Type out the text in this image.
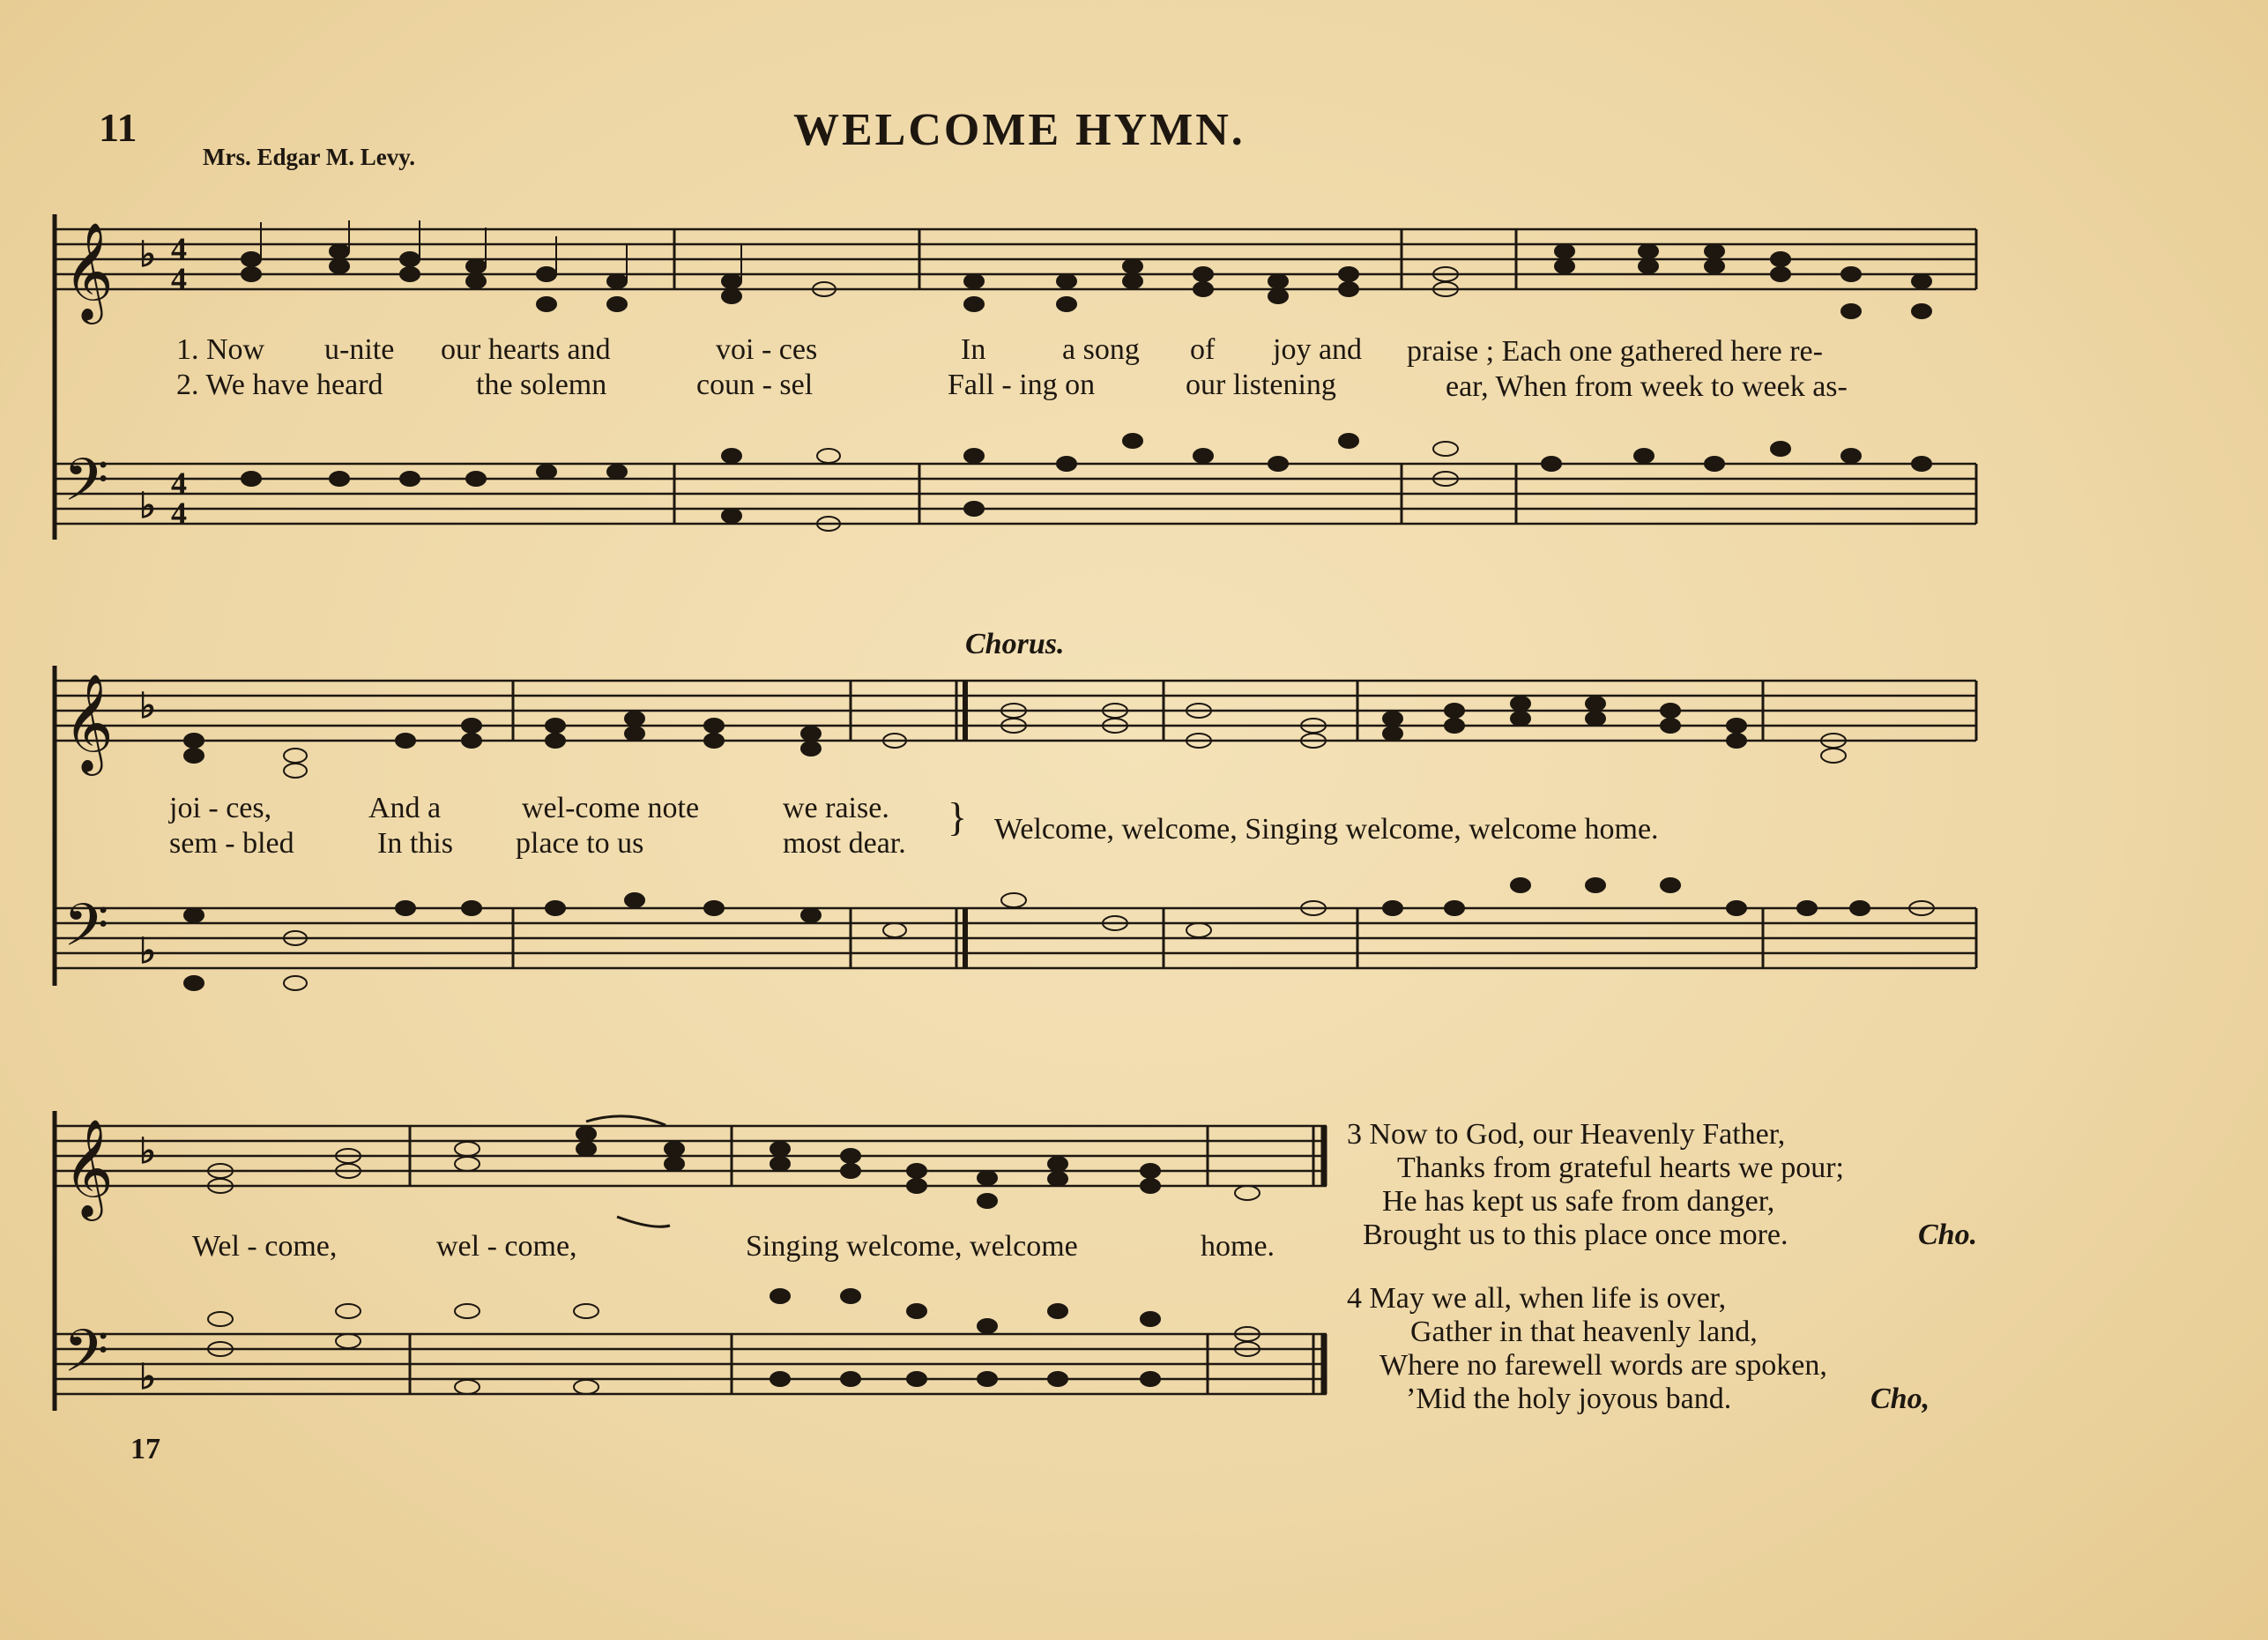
11	WELCOME HYMN.
Mrs. Edgar M. Levy.
𝄞
𝄢
♭
♭
4
4
4
4
𝄞
𝄢
♭
♭
𝄞
𝄢
♭
♭
1. Now u-nite our hearts and	voi - ces	In	a song of joy and praise ; Each one gathered here re-
2. We have heard	the solemn	coun - sel	Fall - ing on	our listening	ear, When from week to week as-
Chorus.
joi - ces,	And a	wel-come note	we raise.
sem - bled	In this place to us	most dear.
} Welcome, welcome, Singing welcome, welcome home.
Wel - come,	wel - come,	Singing welcome, welcome	home.
3 Now to God, our Heavenly Father,
Thanks from grateful hearts we pour;
He has kept us safe from danger,
Brought us to this place once more.	Cho.
4 May we all, when life is over,
Gather in that heavenly land,
Where no farewell words are spoken,
’Mid the holy joyous band.	Cho,
17
